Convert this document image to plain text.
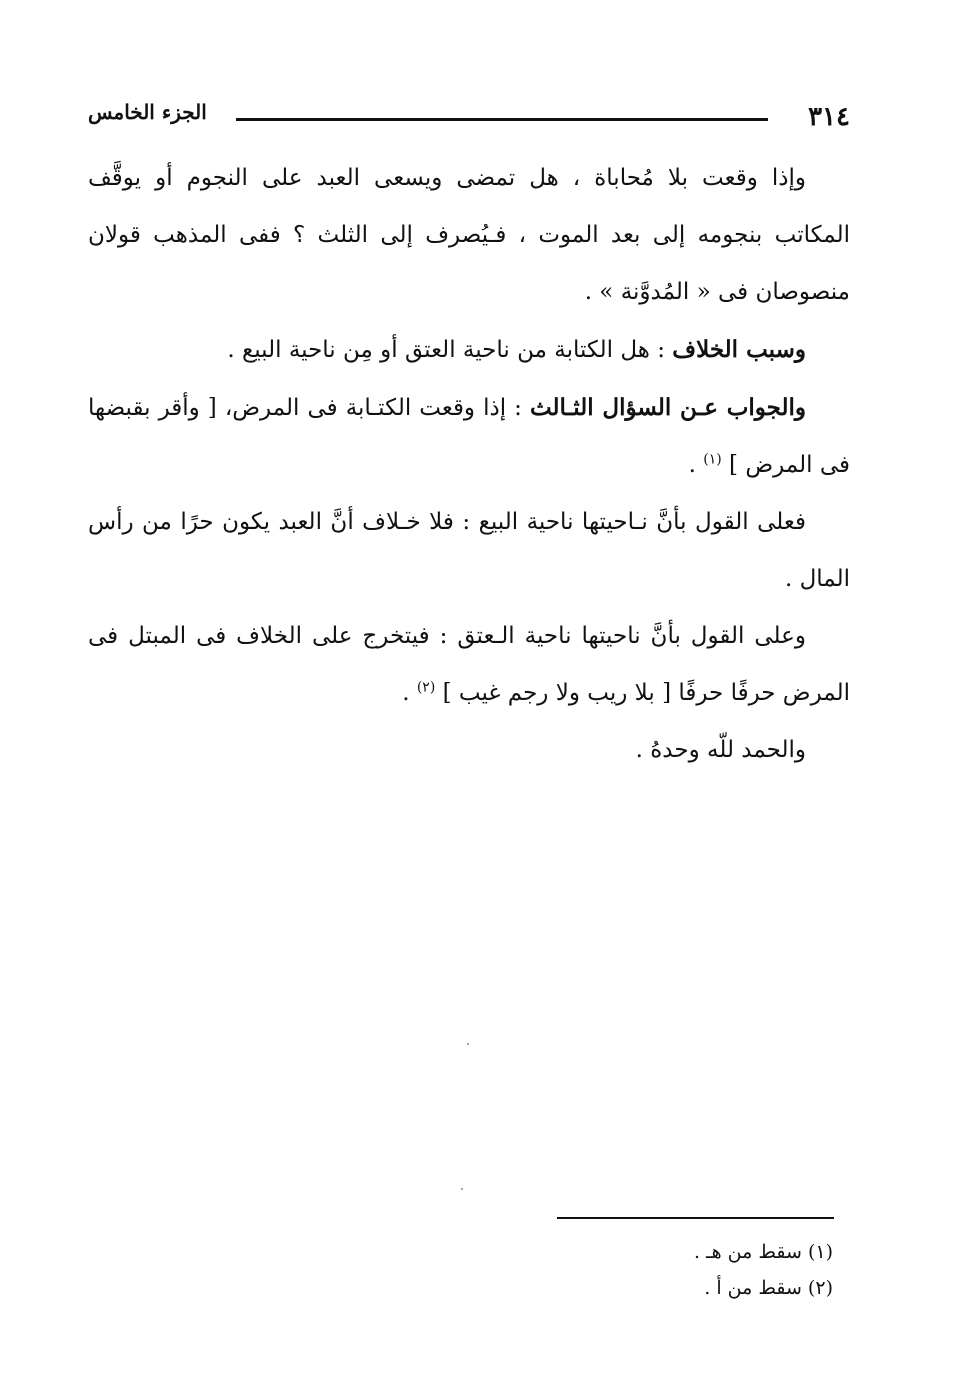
٣١٤
الجزء الخامس

وإذا وقعت بلا مُحاباة ، هل تمضى ويسعى العبد على النجوم أو يوقَّف المكاتب بنجومه إلى بعد الموت ، فـيُصرف إلى الثلث ؟ ففى المذهب قولان منصوصان فى « المُدوَّنة » .

وسبب الخلاف : هل الكتابة من ناحية العتق أو مِن ناحية البيع .

والجواب عـن السؤال الثـالث : إذا وقعت الكتـابة فى المرض، [ وأقر بقبضها فى المرض ] $^{(١)}$ .

فعلى القول بأنَّ نـاحيتها ناحية البيع : فلا خـلاف أنَّ العبد يكون حرًا من رأس المال .

وعلى القول بأنَّ ناحيتها ناحية الـعتق : فيتخرج على الخلاف فى المبتل فى المرض حرفًا حرفًا [ بلا ريب ولا رجم غيب ] $^{(٢)}$ .

والحمد للّه وحدهُ .

(١) سقط من هـ .
(٢) سقط من أ .
